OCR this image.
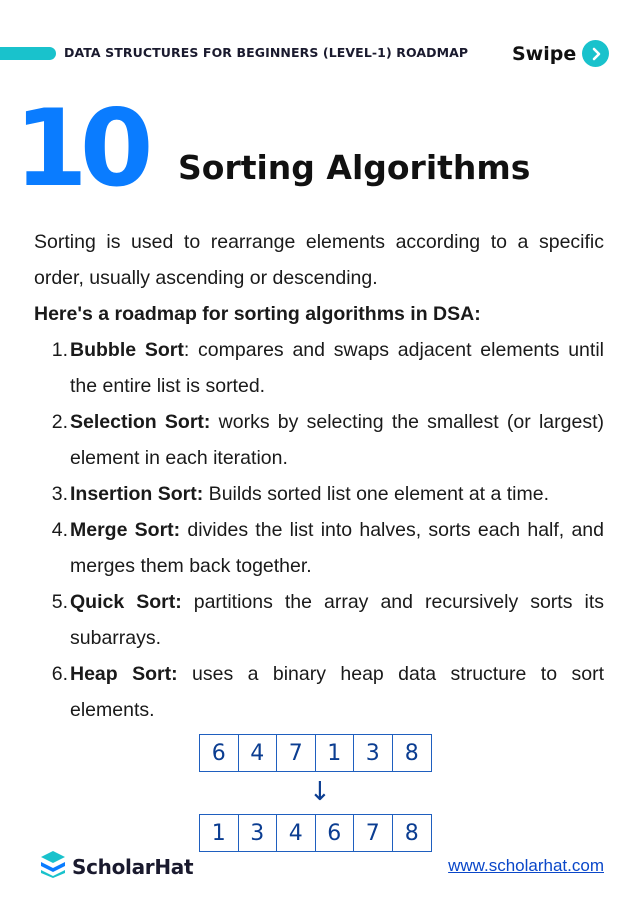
DATA STRUCTURES FOR BEGINNERS (LEVEL-1) ROADMAP Swipe
10 Sorting Algorithms
Sorting is used to rearrange elements according to a specific order, usually ascending or descending.
Here's a roadmap for sorting algorithms in DSA:
1. Bubble Sort: compares and swaps adjacent elements until the entire list is sorted.
2. Selection Sort: works by selecting the smallest (or largest) element in each iteration.
3. Insertion Sort: Builds sorted list one element at a time.
4. Merge Sort: divides the list into halves, sorts each half, and merges them back together.
5. Quick Sort: partitions the array and recursively sorts its subarrays.
6. Heap Sort: uses a binary heap data structure to sort elements.
6	4	7	1	3	8
↓
1	3	4	6	7	8
ScholarHat	www.scholarhat.com
